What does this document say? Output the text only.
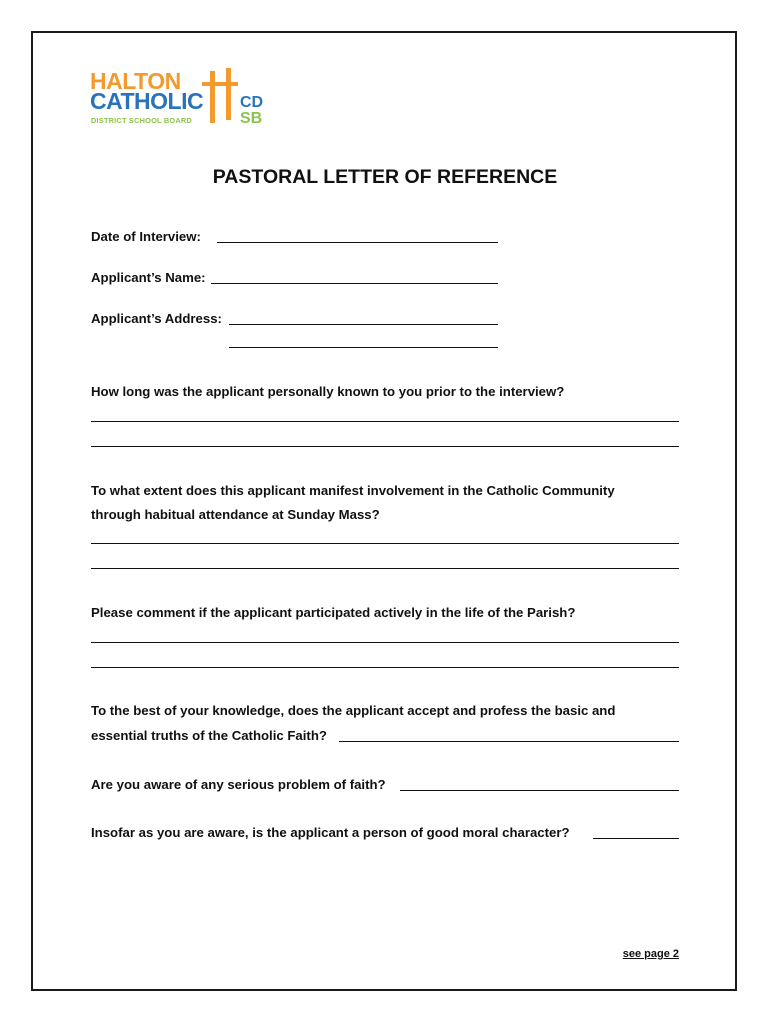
HALTON
CATHOLIC
DISTRICT SCHOOL BOARD
CD
SB
PASTORAL LETTER OF REFERENCE
Date of Interview:
Applicant’s Name:
Applicant’s Address:
How long was the applicant personally known to you prior to the interview?
To what extent does this applicant manifest involvement in the Catholic Community
through habitual attendance at Sunday Mass?
Please comment if the applicant participated actively in the life of the Parish?
To the best of your knowledge, does the applicant accept and profess the basic and
essential truths of the Catholic Faith?
Are you aware of any serious problem of faith?
Insofar as you are aware, is the applicant a person of good moral character?
see page 2
